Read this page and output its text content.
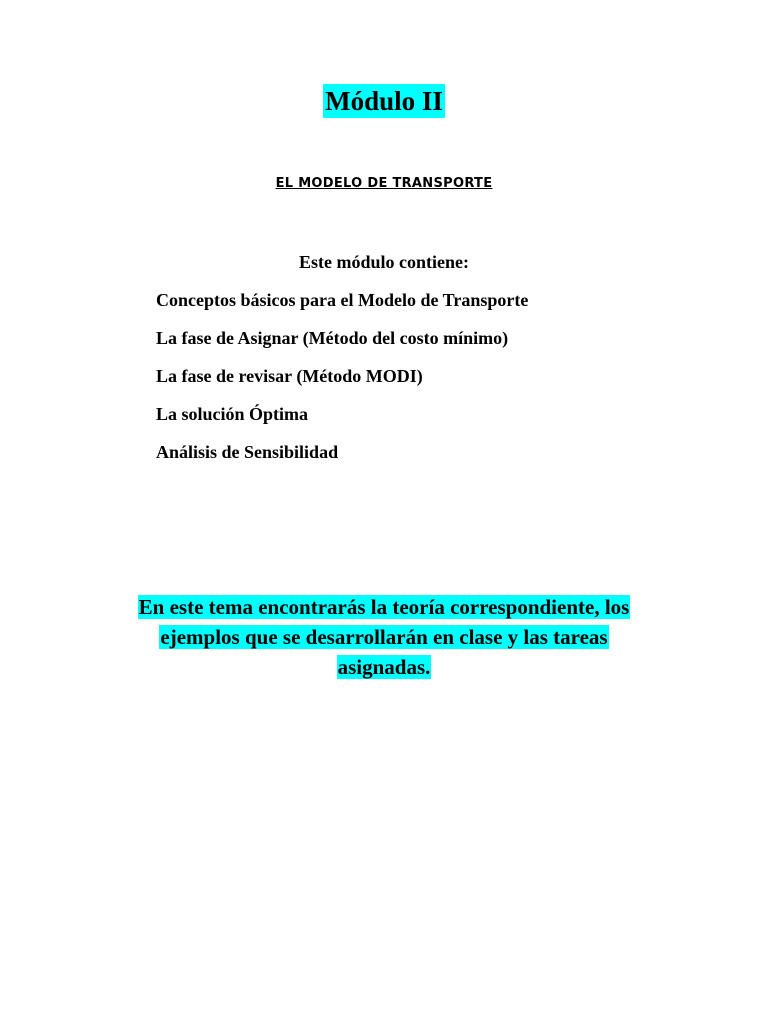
Módulo II
EL MODELO DE TRANSPORTE
Este módulo contiene:
Conceptos básicos para el Modelo de Transporte
La fase de Asignar (Método del costo mínimo)
La fase de revisar (Método MODI)
La solución Óptima
Análisis de Sensibilidad
En este tema encontrarás la teoría correspondiente, los
ejemplos que se desarrollarán en clase y las tareas
asignadas.
